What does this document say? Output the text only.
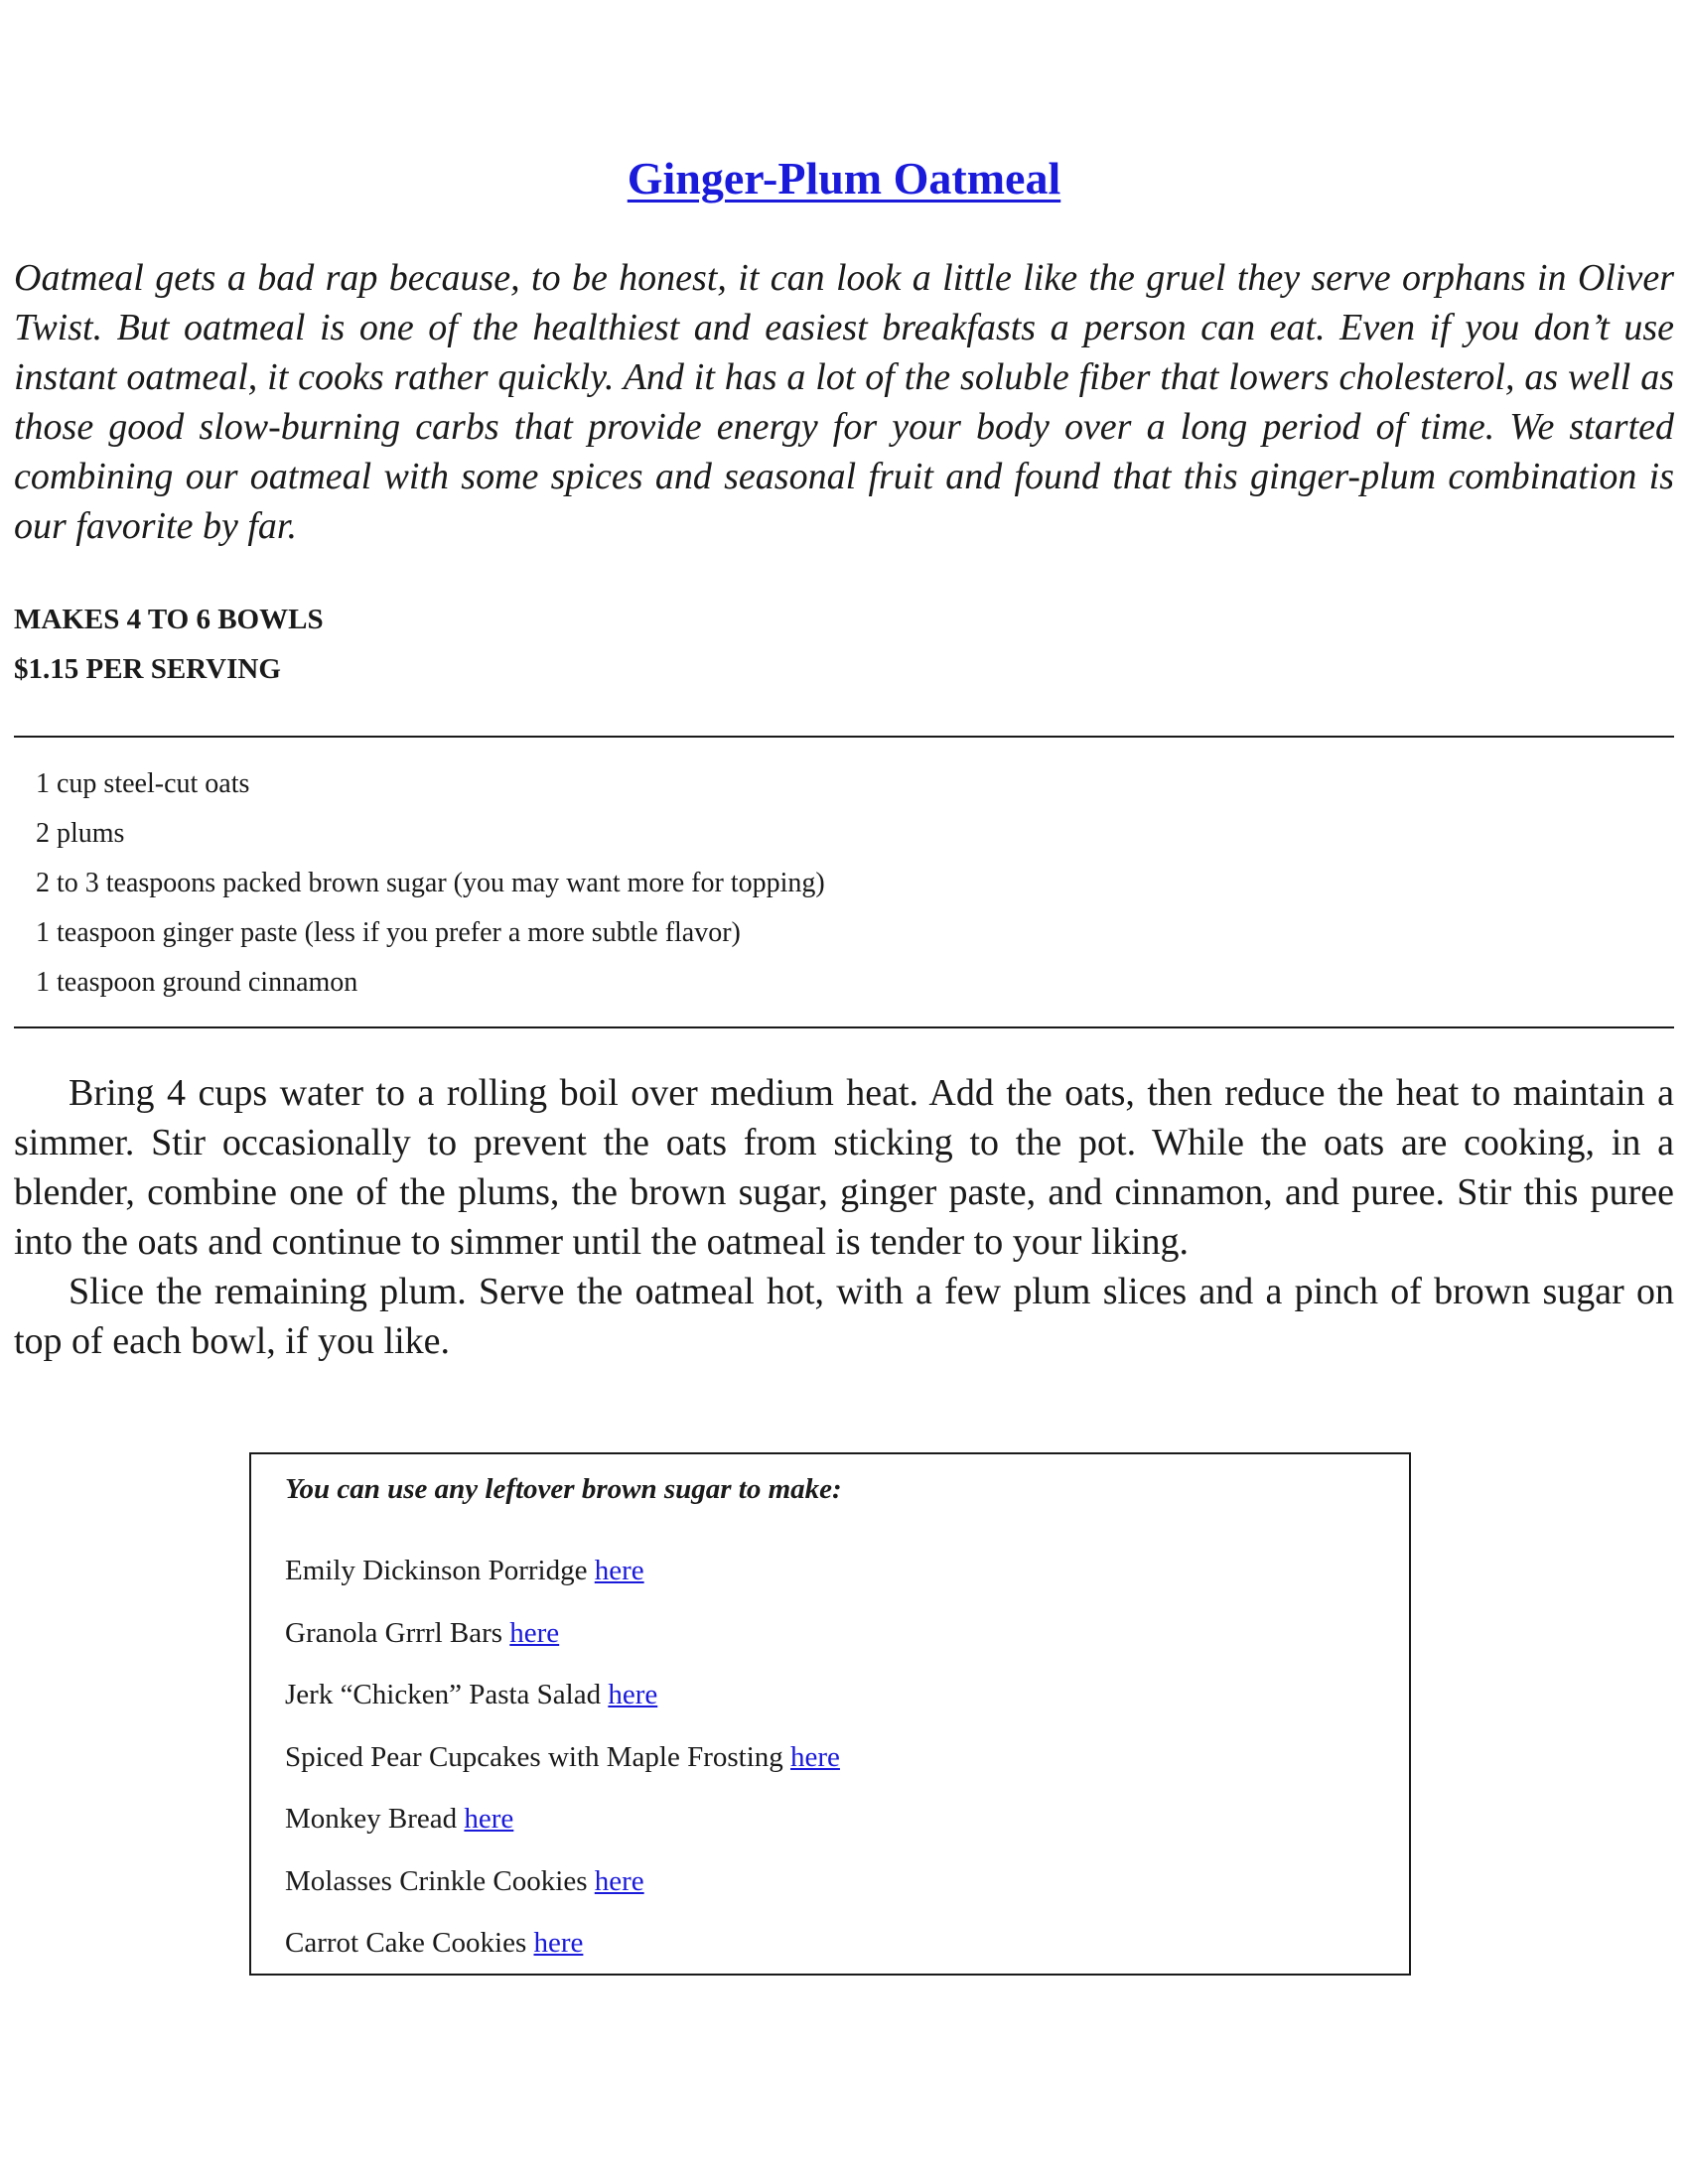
Ginger-Plum Oatmeal

Oatmeal gets a bad rap because, to be honest, it can look a little like the gruel they serve orphans in Oliver Twist. But oatmeal is one of the healthiest and easiest breakfasts a person can eat. Even if you don’t use instant oatmeal, it cooks rather quickly. And it has a lot of the soluble fiber that lowers cholesterol, as well as those good slow-burning carbs that provide energy for your body over a long period of time. We started combining our oatmeal with some spices and seasonal fruit and found that this ginger-plum combination is our favorite by far.

MAKES 4 TO 6 BOWLS
$1.15 PER SERVING
1 cup steel-cut oats
2 plums
2 to 3 teaspoons packed brown sugar (you may want more for topping)
1 teaspoon ginger paste (less if you prefer a more subtle flavor)
1 teaspoon ground cinnamon

Bring 4 cups water to a rolling boil over medium heat. Add the oats, then reduce the heat to maintain a simmer. Stir occasionally to prevent the oats from sticking to the pot. While the oats are cooking, in a blender, combine one of the plums, the brown sugar, ginger paste, and cinnamon, and puree. Stir this puree into the oats and continue to simmer until the oatmeal is tender to your liking.

Slice the remaining plum. Serve the oatmeal hot, with a few plum slices and a pinch of brown sugar on top of each bowl, if you like.

You can use any leftover brown sugar to make:
Emily Dickinson Porridge here
Granola Grrrl Bars here
Jerk “Chicken” Pasta Salad here
Spiced Pear Cupcakes with Maple Frosting here
Monkey Bread here
Molasses Crinkle Cookies here
Carrot Cake Cookies here
